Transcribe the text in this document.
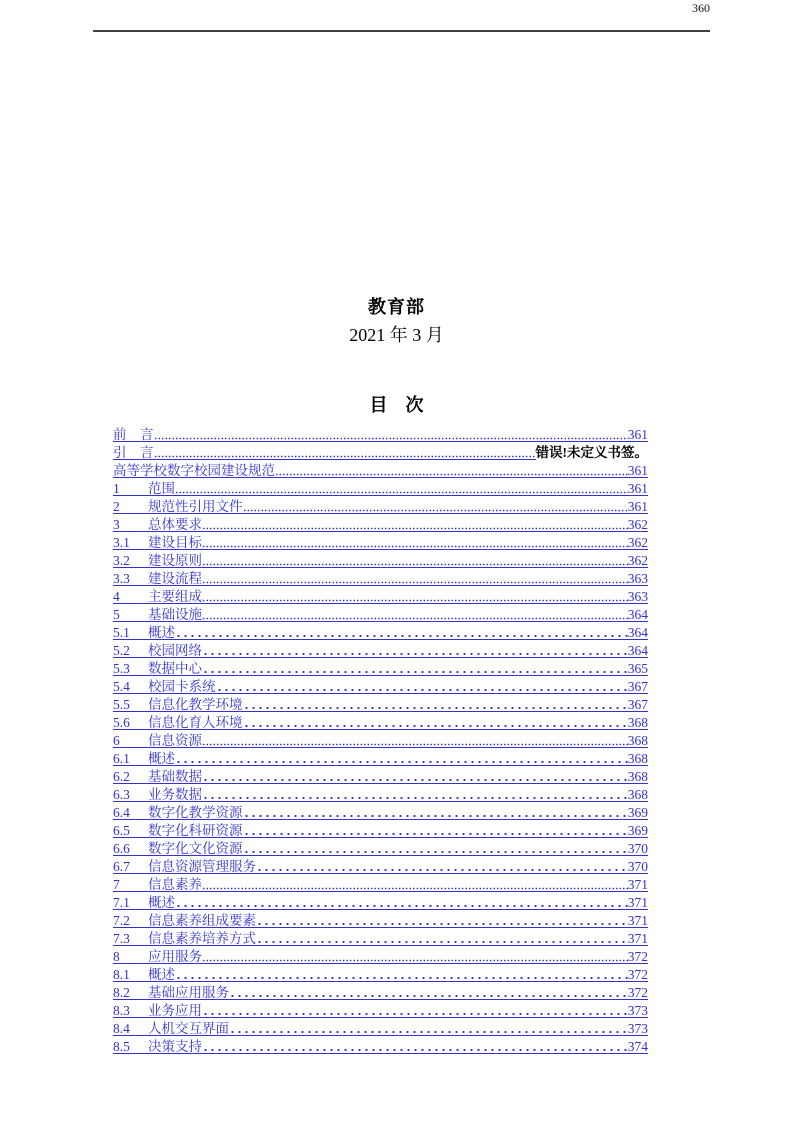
360
教育部
2021 年 3 月
目　次
前　言	361
引　言	错误!未定义书签。
高等学校数字校园建设规范	361
1	范围	361
2	规范性引用文件	361
3	总体要求	362
3.1	建设目标	362
3.2	建设原则	362
3.3	建设流程	363
4	主要组成	363
5	基础设施	364
5.1	概述	364
5.2	校园网络	364
5.3	数据中心	365
5.4	校园卡系统	367
5.5	信息化教学环境	367
5.6	信息化育人环境	368
6	信息资源	368
6.1	概述	368
6.2	基础数据	368
6.3	业务数据	368
6.4	数字化教学资源	369
6.5	数字化科研资源	369
6.6	数字化文化资源	370
6.7	信息资源管理服务	370
7	信息素养	371
7.1	概述	371
7.2	信息素养组成要素	371
7.3	信息素养培养方式	371
8	应用服务	372
8.1	概述	372
8.2	基础应用服务	372
8.3	业务应用	373
8.4	人机交互界面	373
8.5	决策支持	374
